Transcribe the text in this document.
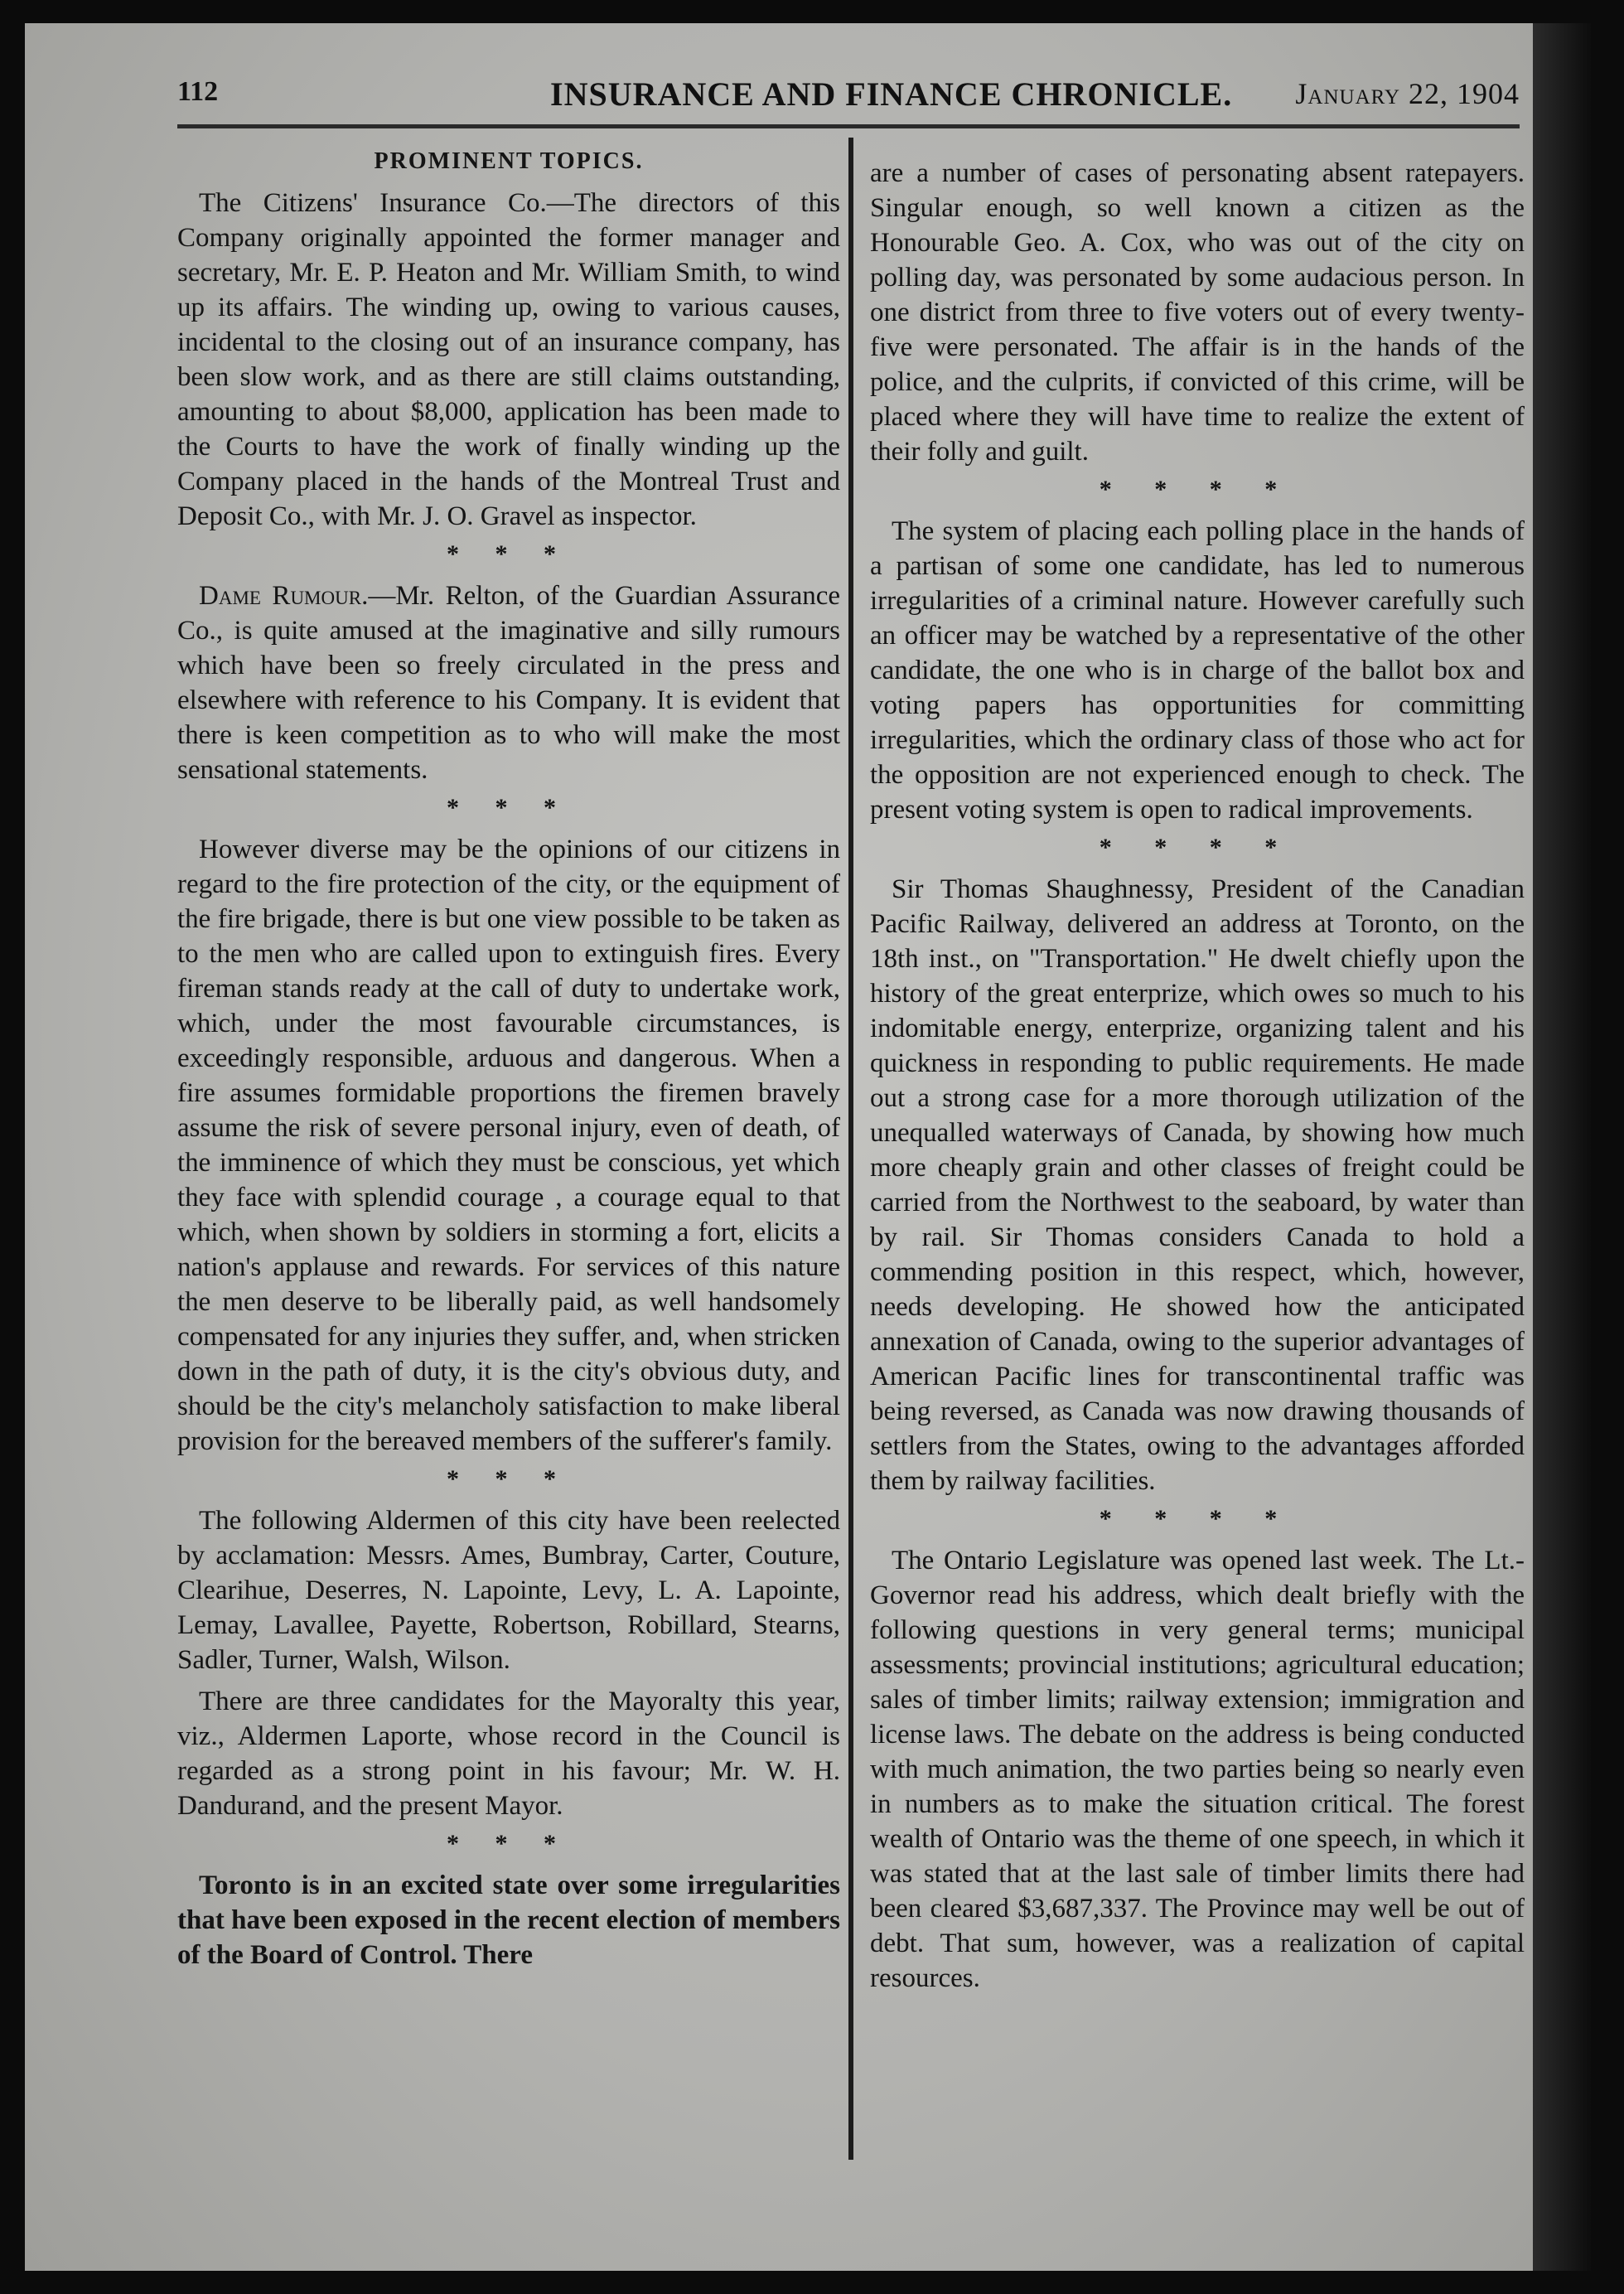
112	INSURANCE AND FINANCE CHRONICLE. January 22, 1904
PROMINENT TOPICS.

The Citizens' Insurance Co.—The directors of this Company originally appointed the former manager and secretary, Mr. E. P. Heaton and Mr. William Smith, to wind up its affairs. The winding up, owing to various causes, incidental to the closing out of an insurance company, has been slow work, and as there are still claims outstanding, amounting to about $8,000, application has been made to the Courts to have the work of finally winding up the Company placed in the hands of the Montreal Trust and Deposit Co., with Mr. J. O. Gravel as inspector.

* * *

Dame Rumour.—Mr. Relton, of the Guardian Assurance Co., is quite amused at the imaginative and silly rumours which have been so freely circulated in the press and elsewhere with reference to his Company. It is evident that there is keen competition as to who will make the most sensational statements.

* * *

However diverse may be the opinions of our citizens in regard to the fire protection of the city, or the equipment of the fire brigade, there is but one view possible to be taken as to the men who are called upon to extinguish fires. Every fireman stands ready at the call of duty to undertake work, which, under the most favourable circumstances, is exceedingly responsible, arduous and dangerous. When a fire assumes formidable proportions the firemen bravely assume the risk of severe personal injury, even of death, of the imminence of which they must be conscious, yet which they face with splendid courage , a courage equal to that which, when shown by soldiers in storming a fort, elicits a nation's applause and rewards. For services of this nature the men deserve to be liberally paid, as well handsomely compensated for any injuries they suffer, and, when stricken down in the path of duty, it is the city's obvious duty, and should be the city's melancholy satisfaction to make liberal provision for the bereaved members of the sufferer's family.

* * *

The following Aldermen of this city have been reelected by acclamation: Messrs. Ames, Bumbray, Carter, Couture, Clearihue, Deserres, N. Lapointe, Levy, L. A. Lapointe, Lemay, Lavallee, Payette, Robertson, Robillard, Stearns, Sadler, Turner, Walsh, Wilson.

There are three candidates for the Mayoralty this year, viz., Aldermen Laporte, whose record in the Council is regarded as a strong point in his favour; Mr. W. H. Dandurand, and the present Mayor.

* * *

Toronto is in an excited state over some irregularities that have been exposed in the recent election of members of the Board of Control. There

are a number of cases of personating absent ratepayers. Singular enough, so well known a citizen as the Honourable Geo. A. Cox, who was out of the city on polling day, was personated by some audacious person. In one district from three to five voters out of every twenty-five were personated. The affair is in the hands of the police, and the culprits, if convicted of this crime, will be placed where they will have time to realize the extent of their folly and guilt.

* * * *

The system of placing each polling place in the hands of a partisan of some one candidate, has led to numerous irregularities of a criminal nature. However carefully such an officer may be watched by a representative of the other candidate, the one who is in charge of the ballot box and voting papers has opportunities for committing irregularities, which the ordinary class of those who act for the opposition are not experienced enough to check. The present voting system is open to radical improvements.

* * * *

Sir Thomas Shaughnessy, President of the Canadian Pacific Railway, delivered an address at Toronto, on the 18th inst., on "Transportation." He dwelt chiefly upon the history of the great enterprize, which owes so much to his indomitable energy, enterprize, organizing talent and his quickness in responding to public requirements. He made out a strong case for a more thorough utilization of the unequalled waterways of Canada, by showing how much more cheaply grain and other classes of freight could be carried from the Northwest to the seaboard, by water than by rail. Sir Thomas considers Canada to hold a commending position in this respect, which, however, needs developing. He showed how the anticipated annexation of Canada, owing to the superior advantages of American Pacific lines for transcontinental traffic was being reversed, as Canada was now drawing thousands of settlers from the States, owing to the advantages afforded them by railway facilities.

* * * *

The Ontario Legislature was opened last week. The Lt.-Governor read his address, which dealt briefly with the following questions in very general terms; municipal assessments; provincial institutions; agricultural education; sales of timber limits; railway extension; immigration and license laws. The debate on the address is being conducted with much animation, the two parties being so nearly even in numbers as to make the situation critical. The forest wealth of Ontario was the theme of one speech, in which it was stated that at the last sale of timber limits there had been cleared $3,687,337. The Province may well be out of debt. That sum, however, was a realization of capital resources.
